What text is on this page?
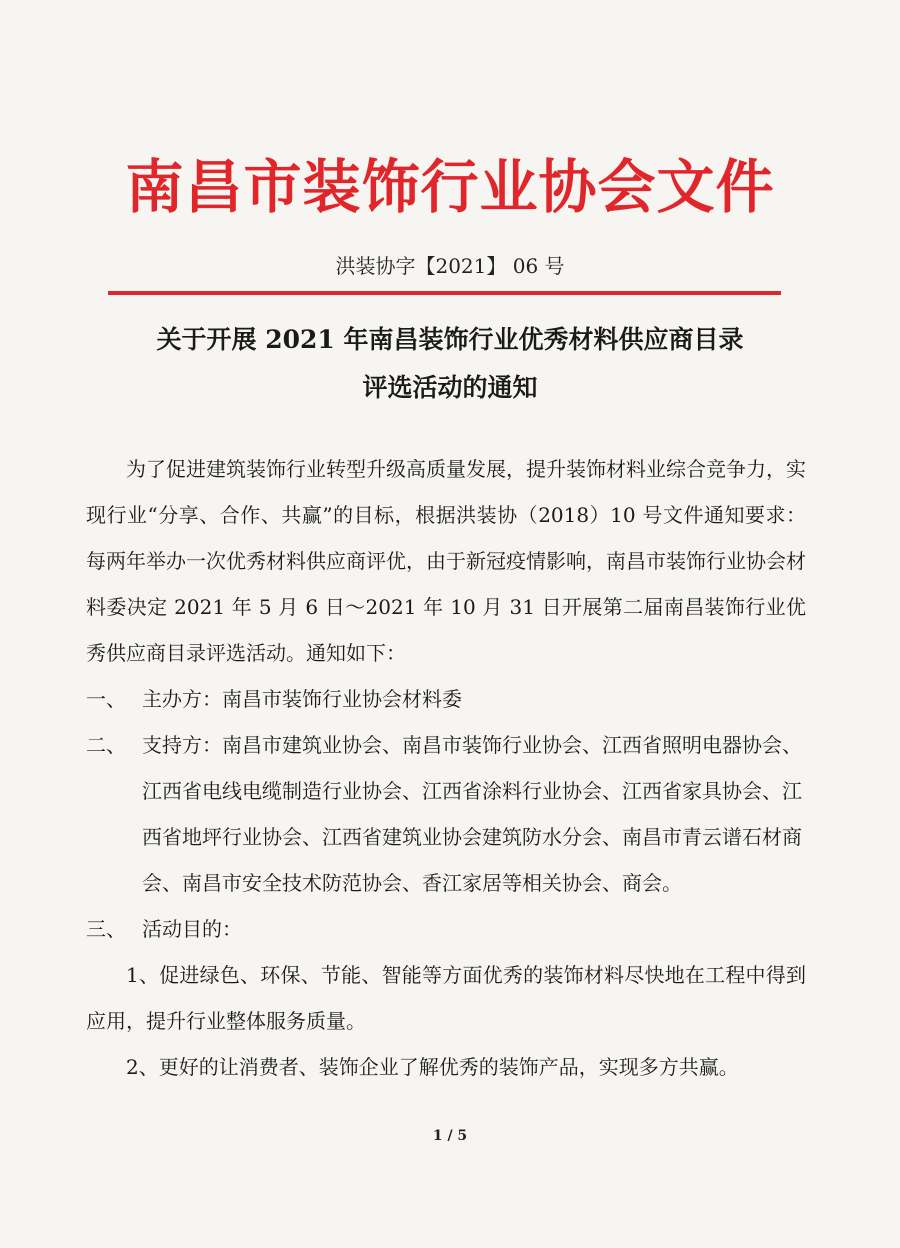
南昌市装饰行业协会文件
洪装协字【2021】 06 号
关于开展 2021 年南昌装饰行业优秀材料供应商目录
评选活动的通知

为了促进建筑装饰行业转型升级高质量发展，提升装饰材料业综合竞争力，实现行业“分享、合作、共赢”的目标，根据洪装协（2018）10 号文件通知要求：每两年举办一次优秀材料供应商评优，由于新冠疫情影响，南昌市装饰行业协会材料委决定 2021 年 5 月 6 日～2021 年 10 月 31 日开展第二届南昌装饰行业优秀供应商目录评选活动。通知如下：

一、 主办方：南昌市装饰行业协会材料委
二、 支持方：南昌市建筑业协会、南昌市装饰行业协会、江西省照明电器协会、江西省电线电缆制造行业协会、江西省涂料行业协会、江西省家具协会、江西省地坪行业协会、江西省建筑业协会建筑防水分会、南昌市青云谱石材商会、南昌市安全技术防范协会、香江家居等相关协会、商会。
三、 活动目的：

1、促进绿色、环保、节能、智能等方面优秀的装饰材料尽快地在工程中得到应用，提升行业整体服务质量。

2、更好的让消费者、装饰企业了解优秀的装饰产品，实现多方共赢。

1 / 5
